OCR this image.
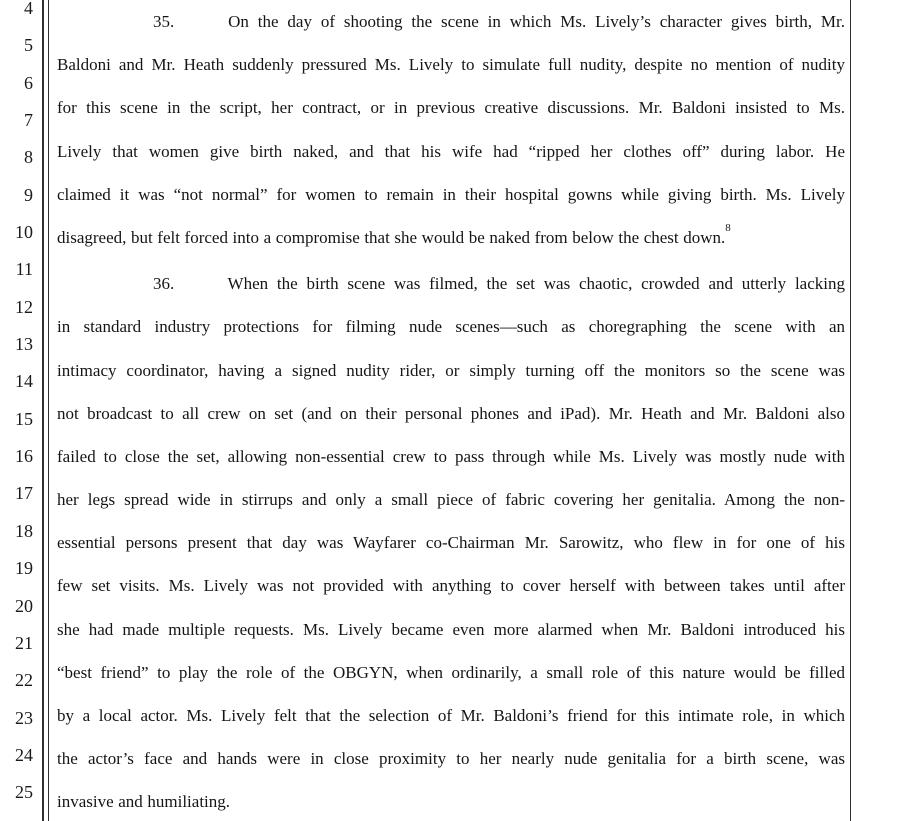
4
5
6
7
8
9
10
11
12
13
14
15
16
17
18
19
20
21
22
23
24
25
35.	On the day of shooting the scene in which Ms. Lively’s character gives birth, Mr.
Baldoni and Mr. Heath suddenly pressured Ms. Lively to simulate full nudity, despite no mention of nudity
for this scene in the script, her contract, or in previous creative discussions. Mr. Baldoni insisted to Ms.
Lively that women give birth naked, and that his wife had “ripped her clothes off” during labor. He
claimed it was “not normal” for women to remain in their hospital gowns while giving birth. Ms. Lively
disagreed, but felt forced into a compromise that she would be naked from below the chest down.$^8$
36.	When the birth scene was filmed, the set was chaotic, crowded and utterly lacking
in standard industry protections for filming nude scenes—such as choregraphing the scene with an
intimacy coordinator, having a signed nudity rider, or simply turning off the monitors so the scene was
not broadcast to all crew on set (and on their personal phones and iPad). Mr. Heath and Mr. Baldoni also
failed to close the set, allowing non-essential crew to pass through while Ms. Lively was mostly nude with
her legs spread wide in stirrups and only a small piece of fabric covering her genitalia. Among the non-
essential persons present that day was Wayfarer co-Chairman Mr. Sarowitz, who flew in for one of his
few set visits. Ms. Lively was not provided with anything to cover herself with between takes until after
she had made multiple requests. Ms. Lively became even more alarmed when Mr. Baldoni introduced his
“best friend” to play the role of the OBGYN, when ordinarily, a small role of this nature would be filled
by a local actor. Ms. Lively felt that the selection of Mr. Baldoni’s friend for this intimate role, in which
the actor’s face and hands were in close proximity to her nearly nude genitalia for a birth scene, was
invasive and humiliating.
